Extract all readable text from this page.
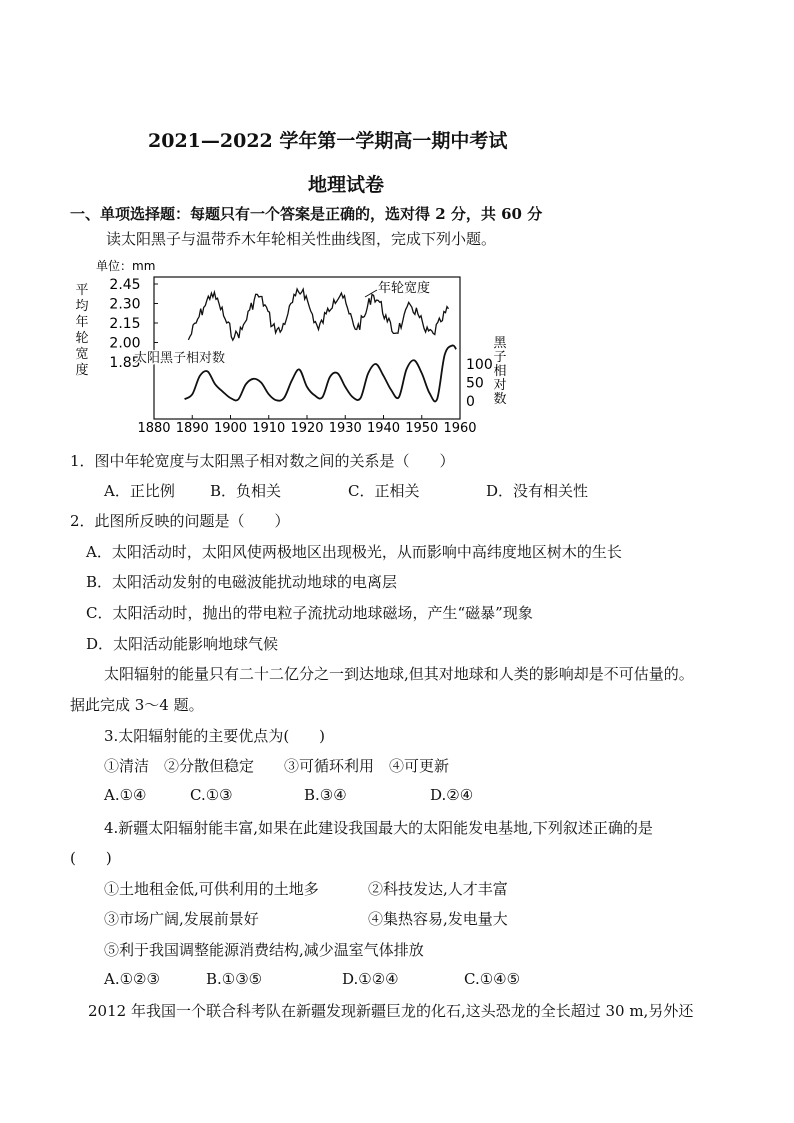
2021—2022 学年第一学期高一期中考试
地理试卷
一、单项选择题：每题只有一个答案是正确的，选对得 2 分，共 60 分
读太阳黑子与温带乔木年轮相关性曲线图，完成下列小题。
单位：mm
平
均
年
轮
宽
度
黑
子
相
对
数
2.45
2.30
2.15
2.00
1.85	100
50
0
1880 1890 1900 1910 1920 1930 1940 1950 1960
年轮宽度
太阳黑子相对数
1．图中年轮宽度与太阳黑子相对数之间的关系是（　　）
A．正比例 B．负相关	C．正相关	D．没有相关性
2．此图所反映的问题是（　　）
A．太阳活动时，太阳风使两极地区出现极光，从而影响中高纬度地区树木的生长
B．太阳活动发射的电磁波能扰动地球的电离层
C．太阳活动时，抛出的带电粒子流扰动地球磁场，产生“磁暴”现象
D．太阳活动能影响地球气候
太阳辐射的能量只有二十二亿分之一到达地球,但其对地球和人类的影响却是不可估量的。
据此完成 3～4 题。
3.太阳辐射能的主要优点为(　　)
①清洁　②分散但稳定　　③可循环利用　④可更新
A.①④	C.①③	B.③④	D.②④
4.新疆太阳辐射能丰富,如果在此建设我国最大的太阳能发电基地,下列叙述正确的是
(　　)
①土地租金低,可供利用的土地多	②科技发达,人才丰富
③市场广阔,发展前景好	④集热容易,发电量大
⑤利于我国调整能源消费结构,减少温室气体排放
A.①②③	B.①③⑤	D.①②④	C.①④⑤
2012 年我国一个联合科考队在新疆发现新疆巨龙的化石,这头恐龙的全长超过 30 m,另外还
